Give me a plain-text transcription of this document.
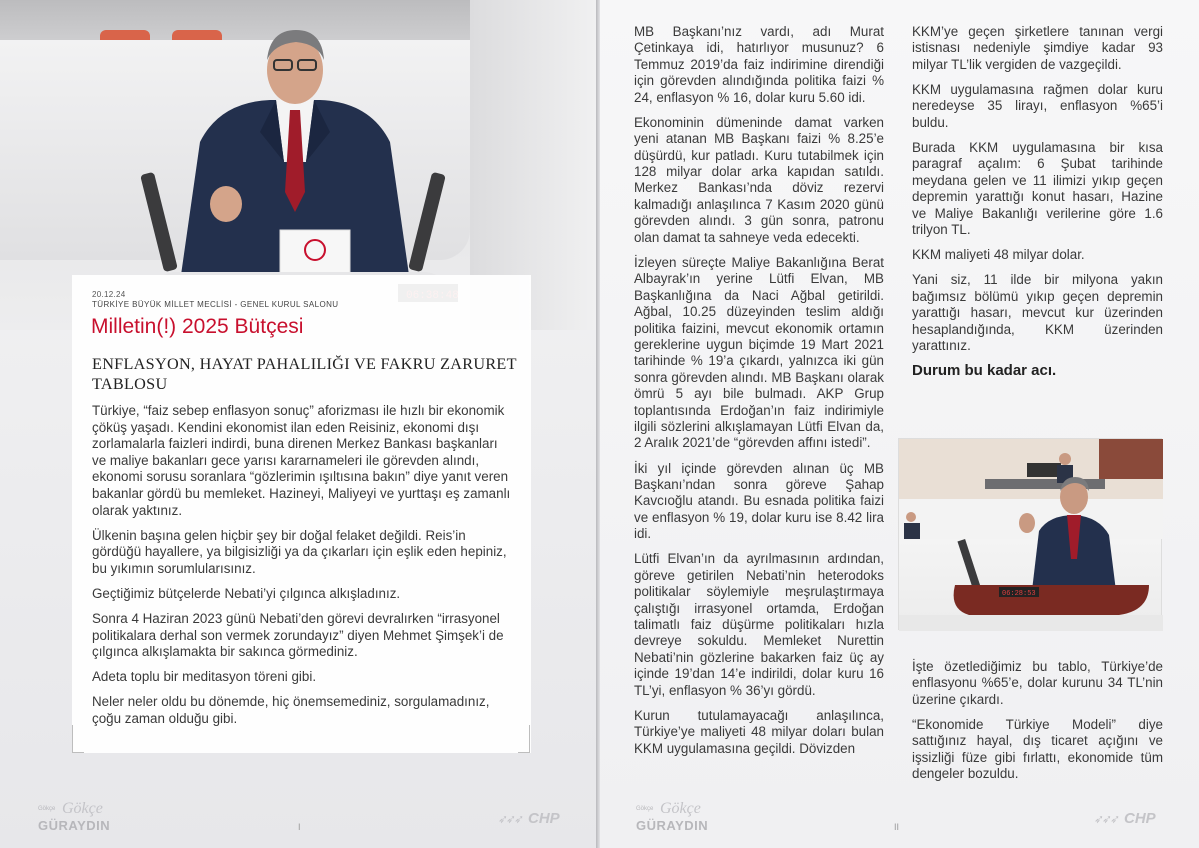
20.12.24
TÜRKİYE BÜYÜK MİLLET MECLİSİ - GENEL KURUL SALONU
Milletin(!) 2025 Bütçesi
ENFLASYON, HAYAT PAHALILIĞI VE FAKRU ZARURET TABLOSU

Türkiye, “faiz sebep enflasyon sonuç” aforizması ile hızlı bir ekonomik çöküş yaşadı. Kendini ekonomist ilan eden Reisiniz, ekonomi dışı zorlamalarla faizleri indirdi, buna direnen Merkez Bankası başkanları ve maliye bakanları gece yarısı kararnameleri ile görevden alındı, ekonomi sorusu soranlara “gözlerimin ışıltısına bakın” diye yanıt veren bakanlar gördü bu memleket. Hazineyi, Maliyeyi ve yurttaşı eş zamanlı olarak yaktınız.

Ülkenin başına gelen hiçbir şey bir doğal felaket değildi. Reis’in gördüğü hayallere, ya bilgisizliği ya da çıkarları için eşlik eden hepiniz, bu yıkımın sorumlularısınız.

Geçtiğimiz bütçelerde Nebati’yi çılgınca alkışladınız.

Sonra 4 Haziran 2023 günü Nebati’den görevi devralırken “irrasyonel politikalara derhal son vermek zorundayız” diyen Mehmet Şimşek’i de çılgınca alkışlamakta bir sakınca görmediniz.

Adeta toplu bir meditasyon töreni gibi.

Neler neler oldu bu dönemde, hiç önemsemediniz, sorgulamadınız, çoğu zaman olduğu gibi.

Gökçe Gökçe
GÜRAYDIN	I
➶➶➶ CHP

MB Başkanı’nız vardı, adı Murat Çetinkaya idi, hatırlıyor musunuz? 6 Temmuz 2019’da faiz indirimine direndiği için görevden alındığında politika faizi % 24, enflasyon % 16, dolar kuru 5.60 idi.

Ekonominin dümeninde damat varken yeni atanan MB Başkanı faizi % 8.25’e düşürdü, kur patladı. Kuru tutabilmek için 128 milyar dolar arka kapıdan satıldı. Merkez Bankası’nda döviz rezervi kalmadığı anlaşılınca 7 Kasım 2020 günü görevden alındı. 3 gün sonra, patronu olan damat ta sahneye veda edecekti.

İzleyen süreçte Maliye Bakanlığına Berat Albayrak’ın yerine Lütfi Elvan, MB Başkanlığına da Naci Ağbal getirildi. Ağbal, 10.25 düzeyinden teslim aldığı politika faizini, mevcut ekonomik ortamın gereklerine uygun biçimde 19 Mart 2021 tarihinde % 19’a çıkardı, yalnızca iki gün sonra görevden alındı. MB Başkanı olarak ömrü 5 ayı bile bulmadı. AKP Grup toplantısında Erdoğan’ın faiz indirimiyle ilgili sözlerini alkışlamayan Lütfi Elvan da, 2 Aralık 2021’de “görevden affını istedi”.

İki yıl içinde görevden alınan üç MB Başkanı’ndan sonra göreve Şahap Kavcıoğlu atandı. Bu esnada politika faizi ve enflasyon % 19, dolar kuru ise 8.42 lira idi.

Lütfi Elvan’ın da ayrılmasının ardından, göreve getirilen Nebati’nin heterodoks politikalar söylemiyle meşrulaştırmaya çalıştığı irrasyonel ortamda, Erdoğan talimatlı faiz düşürme politikaları hızla devreye sokuldu. Memleket Nurettin Nebati’nin gözlerine bakarken faiz üç ay içinde 19’dan 14’e indirildi, dolar kuru 16 TL’yi, enflasyon % 36’yı gördü.

Kurun tutulamayacağı anlaşılınca, Türkiye’ye maliyeti 48 milyar doları bulan KKM uygulamasına geçildi. Dövizden

KKM’ye geçen şirketlere tanınan vergi istisnası nedeniyle şimdiye kadar 93 milyar TL’lik vergiden de vazgeçildi.

KKM uygulamasına rağmen dolar kuru neredeyse 35 lirayı, enflasyon %65’i buldu.

Burada KKM uygulamasına bir kısa paragraf açalım: 6 Şubat tarihinde meydana gelen ve 11 ilimizi yıkıp geçen depremin yarattığı konut hasarı, Hazine ve Maliye Bakanlığı verilerine göre 1.6 trilyon TL.

KKM maliyeti 48 milyar dolar.

Yani siz, 11 ilde bir milyona yakın bağımsız bölümü yıkıp geçen depremin yarattığı hasarı, mevcut kur üzerinden hesaplandığında, KKM üzerinden yarattınız.

Durum bu kadar acı.

06:28:53

İşte özetlediğimiz bu tablo, Türkiye’de enflasyonu %65’e, dolar kurunu 34 TL’nin üzerine çıkardı.

“Ekonomide Türkiye Modeli” diye sattığınız hayal, dış ticaret açığını ve işsizliği füze gibi fırlattı, ekonomide tüm dengeler bozuldu.

Gökçe Gökçe
GÜRAYDIN	II
➶➶➶ CHP
